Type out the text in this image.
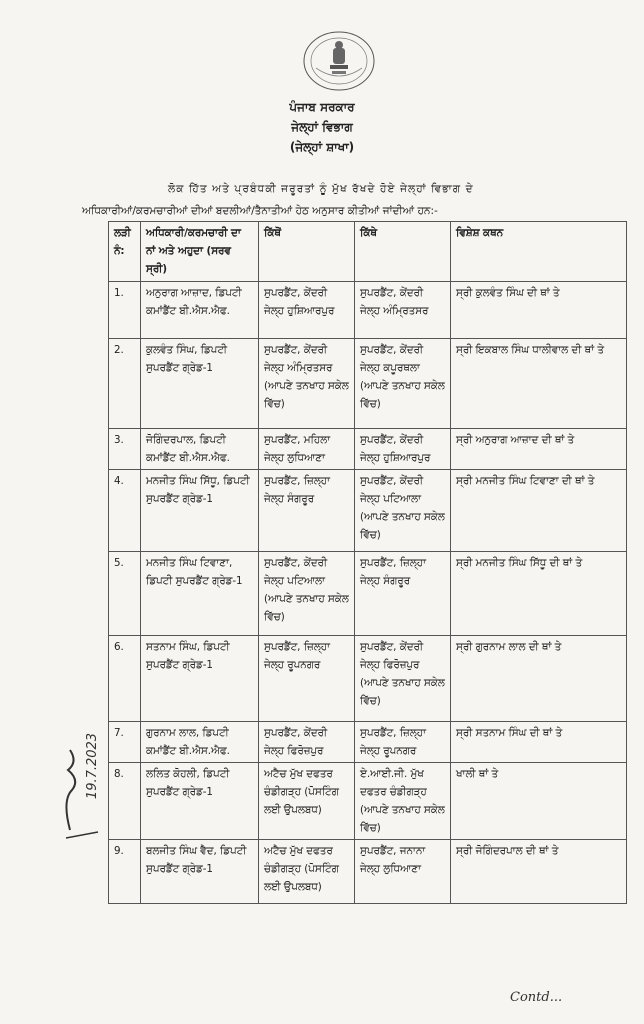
ਪੰਜਾਬ ਸਰਕਾਰ
ਜੇਲ੍ਹਾਂ ਵਿਭਾਗ
(ਜੇਲ੍ਹਾਂ ਸ਼ਾਖਾ)
ਲੋਕ ਹਿੱਤ ਅਤੇ ਪ੍ਰਬੰਧਕੀ ਜਰੂਰਤਾਂ ਨੂੰ ਮੁੱਖ ਰੱਖਦੇ ਹੋਏ ਜੇਲ੍ਹਾਂ ਵਿਭਾਗ ਦੇ
ਅਧਿਕਾਰੀਆਂ/ਕਰਮਚਾਰੀਆਂ ਦੀਆਂ ਬਦਲੀਆਂ/ਤੈਨਾਤੀਆਂ ਹੇਠ ਅਨੁਸਾਰ ਕੀਤੀਆਂ ਜਾਂਦੀਆਂ ਹਨ:-
ਲੜੀ ਨੰ:	ਅਧਿਕਾਰੀ/ਕਰਮਚਾਰੀ ਦਾ ਨਾਂ ਅਤੇ ਅਹੁਦਾ (ਸਰਵ ਸ੍ਰੀ)	ਕਿੱਥੋਂ	ਕਿੱਥੇ	ਵਿਸ਼ੇਸ਼ ਕਥਨ
1.	ਅਨੁਰਾਗ ਆਜ਼ਾਦ, ਡਿਪਟੀ ਕਮਾਂਡੈਂਟ ਬੀ.ਐਸ.ਐਫ.	ਸੁਪਰਡੈਂਟ, ਕੇਂਦਰੀ ਜੇਲ੍ਹ ਹੁਸ਼ਿਆਰਪੁਰ	ਸੁਪਰਡੈਂਟ, ਕੇਂਦਰੀ ਜੇਲ੍ਹ ਅੰਮ੍ਰਿਤਸਰ	ਸ੍ਰੀ ਕੁਲਵੰਤ ਸਿੰਘ ਦੀ ਥਾਂ ਤੇ
2.	ਕੁਲਵੰਤ ਸਿੰਘ, ਡਿਪਟੀ ਸੁਪਰਡੈਂਟ ਗ੍ਰੇਡ-1	ਸੁਪਰਡੈਂਟ, ਕੇਂਦਰੀ ਜੇਲ੍ਹ ਅੰਮ੍ਰਿਤਸਰ (ਆਪਣੇ ਤਨਖਾਹ ਸਕੇਲ ਵਿੱਚ)	ਸੁਪਰਡੈਂਟ, ਕੇਂਦਰੀ ਜੇਲ੍ਹ ਕਪੂਰਥਲਾ (ਆਪਣੇ ਤਨਖਾਹ ਸਕੇਲ ਵਿੱਚ)	ਸ੍ਰੀ ਇਕਬਾਲ ਸਿੰਘ ਧਾਲੀਵਾਲ ਦੀ ਥਾਂ ਤੇ
3.	ਜੋਗਿੰਦਰਪਾਲ, ਡਿਪਟੀ ਕਮਾਂਡੈਂਟ ਬੀ.ਐਸ.ਐਫ.	ਸੁਪਰਡੈਂਟ, ਮਹਿਲਾ ਜੇਲ੍ਹ ਲੁਧਿਆਣਾ	ਸੁਪਰਡੈਂਟ, ਕੇਂਦਰੀ ਜੇਲ੍ਹ ਹੁਸ਼ਿਆਰਪੁਰ	ਸ੍ਰੀ ਅਨੁਰਾਗ ਆਜ਼ਾਦ ਦੀ ਥਾਂ ਤੇ
4.	ਮਨਜੀਤ ਸਿੰਘ ਸਿੱਧੂ, ਡਿਪਟੀ ਸੁਪਰਡੈਂਟ ਗ੍ਰੇਡ-1	ਸੁਪਰਡੈਂਟ, ਜ਼ਿਲ੍ਹਾ ਜੇਲ੍ਹ ਸੰਗਰੂਰ	ਸੁਪਰਡੈਂਟ, ਕੇਂਦਰੀ ਜੇਲ੍ਹ ਪਟਿਆਲਾ (ਆਪਣੇ ਤਨਖਾਹ ਸਕੇਲ ਵਿੱਚ)	ਸ੍ਰੀ ਮਨਜੀਤ ਸਿੰਘ ਟਿਵਾਣਾ ਦੀ ਥਾਂ ਤੇ
5.	ਮਨਜੀਤ ਸਿੰਘ ਟਿਵਾਣਾ, ਡਿਪਟੀ ਸੁਪਰਡੈਂਟ ਗ੍ਰੇਡ-1	ਸੁਪਰਡੈਂਟ, ਕੇਂਦਰੀ ਜੇਲ੍ਹ ਪਟਿਆਲਾ (ਆਪਣੇ ਤਨਖਾਹ ਸਕੇਲ ਵਿੱਚ)	ਸੁਪਰਡੈਂਟ, ਜ਼ਿਲ੍ਹਾ ਜੇਲ੍ਹ ਸੰਗਰੂਰ	ਸ੍ਰੀ ਮਨਜੀਤ ਸਿੰਘ ਸਿੱਧੂ ਦੀ ਥਾਂ ਤੇ
6.	ਸਤਨਾਮ ਸਿੰਘ, ਡਿਪਟੀ ਸੁਪਰਡੈਂਟ ਗ੍ਰੇਡ-1	ਸੁਪਰਡੈਂਟ, ਜ਼ਿਲ੍ਹਾ ਜੇਲ੍ਹ ਰੂਪਨਗਰ	ਸੁਪਰਡੈਂਟ, ਕੇਂਦਰੀ ਜੇਲ੍ਹ ਫਿਰੋਜ਼ਪੁਰ (ਆਪਣੇ ਤਨਖਾਹ ਸਕੇਲ ਵਿੱਚ)	ਸ੍ਰੀ ਗੁਰਨਾਮ ਲਾਲ ਦੀ ਥਾਂ ਤੇ
7.	ਗੁਰਨਾਮ ਲਾਲ, ਡਿਪਟੀ ਕਮਾਂਡੈਂਟ ਬੀ.ਐਸ.ਐਫ.	ਸੁਪਰਡੈਂਟ, ਕੇਂਦਰੀ ਜੇਲ੍ਹ ਫਿਰੋਜ਼ਪੁਰ	ਸੁਪਰਡੈਂਟ, ਜ਼ਿਲ੍ਹਾ ਜੇਲ੍ਹ ਰੂਪਨਗਰ	ਸ੍ਰੀ ਸਤਨਾਮ ਸਿੰਘ ਦੀ ਥਾਂ ਤੇ
8.	ਲਲਿਤ ਕੋਹਲੀ, ਡਿਪਟੀ ਸੁਪਰਡੈਂਟ ਗ੍ਰੇਡ-1	ਅਟੈਚ ਮੁੱਖ ਦਫਤਰ ਚੰਡੀਗੜ੍ਹ (ਪੋਸਟਿੰਗ ਲਈ ਉਪਲਬਧ)	ਏ.ਆਈ.ਜੀ. ਮੁੱਖ ਦਫਤਰ ਚੰਡੀਗੜ੍ਹ (ਆਪਣੇ ਤਨਖਾਹ ਸਕੇਲ ਵਿੱਚ)	ਖਾਲੀ ਥਾਂ ਤੇ
9.	ਬਲਜੀਤ ਸਿੰਘ ਵੈਦ, ਡਿਪਟੀ ਸੁਪਰਡੈਂਟ ਗ੍ਰੇਡ-1	ਅਟੈਚ ਮੁੱਖ ਦਫਤਰ ਚੰਡੀਗੜ੍ਹ (ਪੋਸਟਿੰਗ ਲਈ ਉਪਲਬਧ)	ਸੁਪਰਡੈਂਟ, ਜਨਾਨਾ ਜੇਲ੍ਹ ਲੁਧਿਆਣਾ	ਸ੍ਰੀ ਜੋਗਿੰਦਰਪਾਲ ਦੀ ਥਾਂ ਤੇ
19.7.2023
Contd...
